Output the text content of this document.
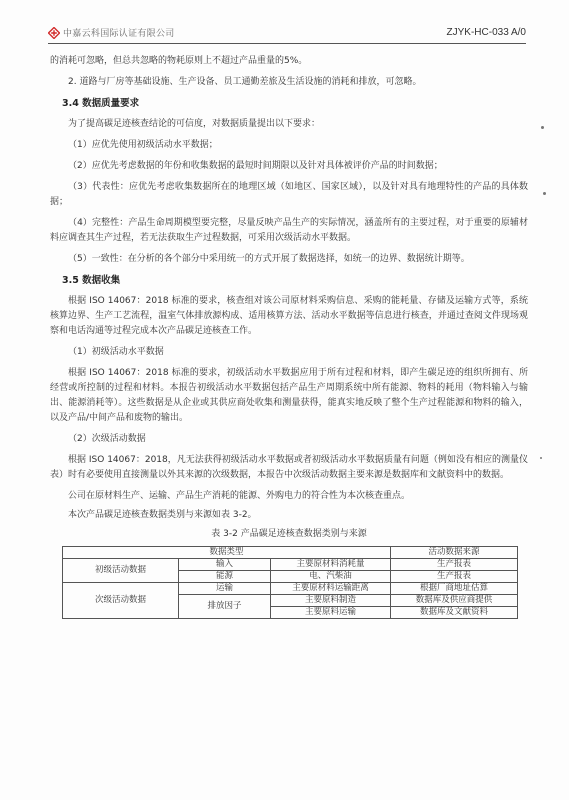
中嘉云科国际认证有限公司	ZJYK-HC-033 A/0
的消耗可忽略，但总共忽略的物耗原则上不超过产品重量的5%。
2. 道路与厂房等基础设施、生产设备、员工通勤差旅及生活设施的消耗和排放，可忽略。
3.4 数据质量要求
为了提高碳足迹核查结论的可信度，对数据质量提出以下要求：
（1）应优先使用初级活动水平数据；
（2）应优先考虑数据的年份和收集数据的最短时间期限以及针对具体被评价产品的时间数据；
（3）代表性：应优先考虑收集数据所在的地理区域（如地区、国家区域），以及针对具有地理特性的产品的具体数据；
（4）完整性：产品生命周期模型要完整，尽量反映产品生产的实际情况，涵盖所有的主要过程，对于重要的原辅材料应调查其生产过程，若无法获取生产过程数据，可采用次级活动水平数据。
（5）一致性：在分析的各个部分中采用统一的方式开展了数据选择，如统一的边界、数据统计期等。
3.5 数据收集
根据 ISO 14067：2018 标准的要求，核查组对该公司原材料采购信息、采购的能耗量、存储及运输方式等，系统核算边界、生产工艺流程，温室气体排放源构成、适用核算方法、活动水平数据等信息进行核查，并通过查阅文件现场观察和电话沟通等过程完成本次产品碳足迹核查工作。
（1）初级活动水平数据
根据 ISO 14067：2018 标准的要求，初级活动水平数据应用于所有过程和材料，即产生碳足迹的组织所拥有、所经营或所控制的过程和材料。本报告初级活动水平数据包括产品生产周期系统中所有能源、物料的耗用（物料输入与输出、能源消耗等）。这些数据是从企业或其供应商处收集和测量获得，能真实地反映了整个生产过程能源和物料的输入，以及产品/中间产品和废物的输出。
（2）次级活动数据
根据 ISO 14067：2018，凡无法获得初级活动水平数据或者初级活动水平数据质量有问题（例如没有相应的测量仪表）时有必要使用直接测量以外其来源的次级数据，本报告中次级活动数据主要来源是数据库和文献资料中的数据。
公司在原材料生产、运输、产品生产消耗的能源、外购电力的符合性为本次核查重点。
本次产品碳足迹核查数据类别与来源如表 3-2。
表 3-2 产品碳足迹核查数据类别与来源
数据类型			活动数据来源
初级活动数据	输入	主要原材料消耗量	生产报表
	能源	电、汽柴油	生产报表
次级活动数据	运输	主要原材料运输距离	根据厂商地址估算
	排放因子	主要原料制造	数据库及供应商提供
		主要原料运输	数据库及文献资料
